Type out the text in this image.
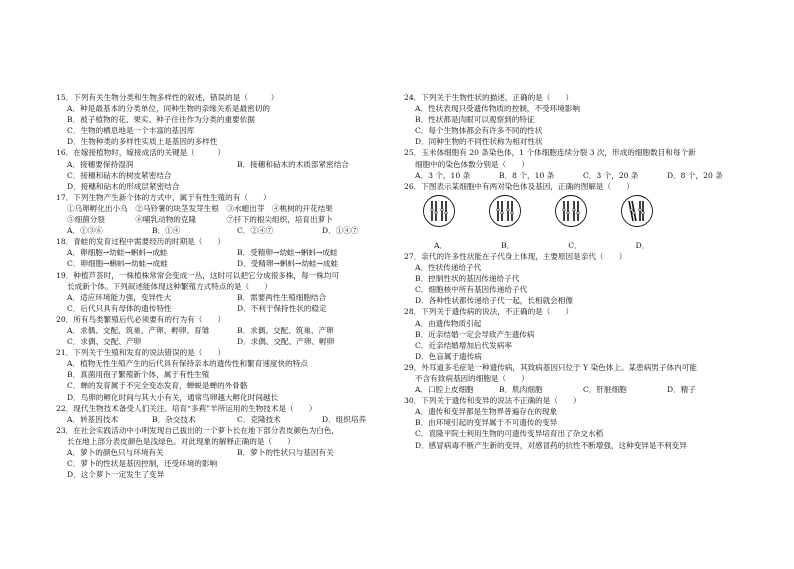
15．下列有关生物分类和生物多样性的叙述，错误的是（　　　）
A．种是最基本的分类单位，同种生物的亲缘关系是最密切的
B．被子植物的花、果实、种子往往作为分类的重要依据
C．生物的栖息地是一个丰富的基因库
D．生物种类的多样性实质上是基因的多样性
16．在嫁接植物时，嫁接成活的关键是（　　　）
A．接穗要保持湿润	B．接穗和砧木的木质部紧密结合
C．接穗和砧木的树皮紧密结合
D．接穗和砧木的形成层紧密结合
17．下列生物产生新个体的方式中，属于有性生殖的有（　　）
①乌卵孵化出小乌　②马铃薯的块茎发芽生根　③水螅出芽　④桃树的开花结果
⑤细菌分裂　　　　⑥哺乳动物的克隆　　　　⑦扦下的根尖组织，培育出萝卜
A．①③⑥	B．①④	C．②④⑦	D．①④⑦
18．青蛙的发育过程中需要经历的时期是（　　）
A．卵细胞→幼蛙→蝌蚪→成蛙	B．受精卵→幼蛙→蝌蚪→成蛙
C．卵细胞→蝌蚪→幼蛙→成蛙	D．受精卵→蝌蚪→幼蛙→成蛙
19．种植芦荟时，一株植株常常会变成一丛，这时可以把它分成很多株，每一株均可
长成新个体。下列叙述能体现这种繁殖方式特点的是（　　）
A．适应环境能力强，变异性大	B．需要两性生殖细胞结合
C．后代只具有母体的遗传特性	D．不利于保持性状的稳定
20．所有鸟类繁殖后代必须要有的行为有（　　）
A．求偶、交配、筑巢、产卵、孵卵、育雏	B．求偶、交配、筑巢、产卵
C．求偶、交配、产卵	D．求偶、交配、产卵、孵卵
21．下列关于生殖和发育的说法错误的是（　　）
A．植物无性生殖产生的后代具有保持亲本的遗传性和繁育速度快的特点
B．真菌用孢子繁殖新个体，属于有性生殖
C．蝉的发育属于不完全变态发育，蝉蜕是蝉的外骨骼
D．鸟卵的孵化时间与其大小有关，通常鸟卵越大孵化时间越长
22．现代生物技术备受人们关注。培育“多莉”羊所运用的生物技术是（　　）
A．转基因技术	B．杂交技术	C．克隆技术	D．组织培养
23．在社会实践活动中小明发现自己拔出的一个萝卜长在地下部分表皮颜色为白色，
长在地上部分表皮颜色是浅绿色。对此现象的解释正确的是（　　）
A．萝卜的颜色只与环境有关	B．萝卜的性状只与基因有关
C．萝卜的性状是基因控制，还受环境的影响
D．这个萝卜一定发生了变异
24．下列关于生物性状的描述，正确的是（　　）
A．性状表现只受遗传物质的控制，不受环境影响
B．性状都是肉眼可以观察到的特征
C．每个生物体都会有许多不同的性状
D．同种生物的不同性状称为相对性状
25．玉米体细胞有 20 条染色体，1 个体细胞连续分裂 3 次，形成的细胞数目和每个新
细胞中的染色体数分别是（　　）
A．3 个，10 条	B．8 个，10 条	C．3 个，20 条	D．8 个，20 条
26．下图表示某细胞中有两对染色体及基因，正确的图解是（　　）
A．	B．	C．	D．
27．亲代的许多性状能在子代身上体现，主要原因是亲代（　　）
A．性状传递给子代
B．控制性状的基因传递给子代
C．细胞核中所有基因传递给子代
D．各种性状都传递给子代一起，长相就会相像
28．下列关于遗传病的说法，不正确的是（　　）
A．由遗传物质引起
B．近亲结婚一定会导致产生遗传病
C．近亲结婚增加后代发病率
D．色盲属于遗传病
29．外耳道多毛症是一种遗传病，其致病基因只位于 Y 染色体上。某患病男子体内可能
不含有致病基因的细胞是（　　）
A．口腔上皮细胞	B．肌肉细胞	C．肝脏细胞	D．精子
30．下列关于遗传和变异的说法不正确的是（　　）
A．遗传和变异都是生物界普遍存在的现象
B．由环境引起的变异属于不可遗传的变异
C．袁隆平院士利用生物的可遗传变异培育出了杂交水稻
D．感冒病毒不断产生新的变异，对感冒药的抗性不断增强，这种变异是不利变异
